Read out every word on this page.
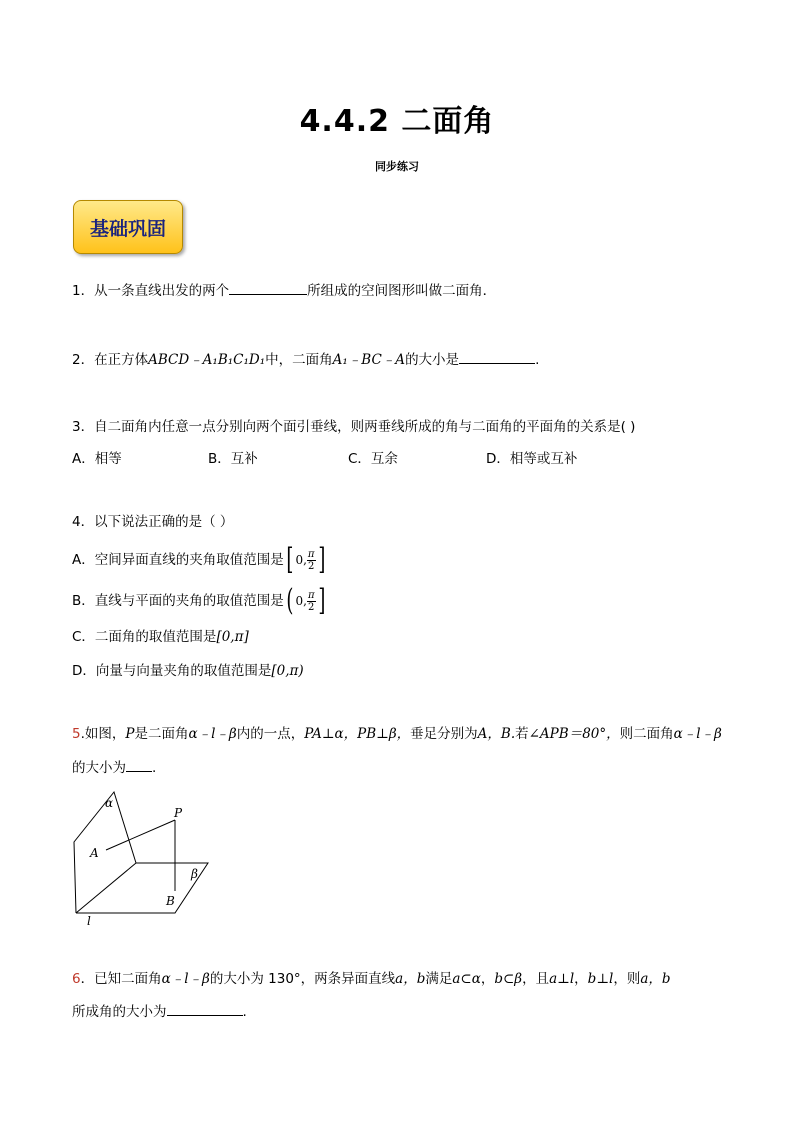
4.4.2 二面角
同步练习
基础巩固
1．从一条直线出发的两个	所组成的空间图形叫做二面角．
2．在正方体ABCD﹣A₁B₁C₁D₁中，二面角A₁﹣BC﹣A的大小是	.
3．自二面角内任意一点分别向两个面引垂线，则两垂线所成的角与二面角的平面角的关系是( )
A．相等	B．互补	C．互余	D．相等或互补
4．以下说法正确的是（ ）
A．空间异面直线的夹角取值范围是 [ 0, $\frac{\pi}{2}$ ]
B．直线与平面的夹角的取值范围是 ( 0, $\frac{\pi}{2}$ ]
C．二面角的取值范围是[0,π]
D．向量与向量夹角的取值范围是[0,π)
5.如图，P是二面角α﹣l﹣β内的一点，PA⊥α，PB⊥β，垂足分别为A，B.若∠APB＝80°，则二面角α﹣l﹣β
的大小为 .
α
P
A
β
B
l
6．已知二面角α﹣l﹣β的大小为 130°，两条异面直线a，b满足a⊂α，b⊂β，且a⊥l，b⊥l，则a，b
所成角的大小为	.
